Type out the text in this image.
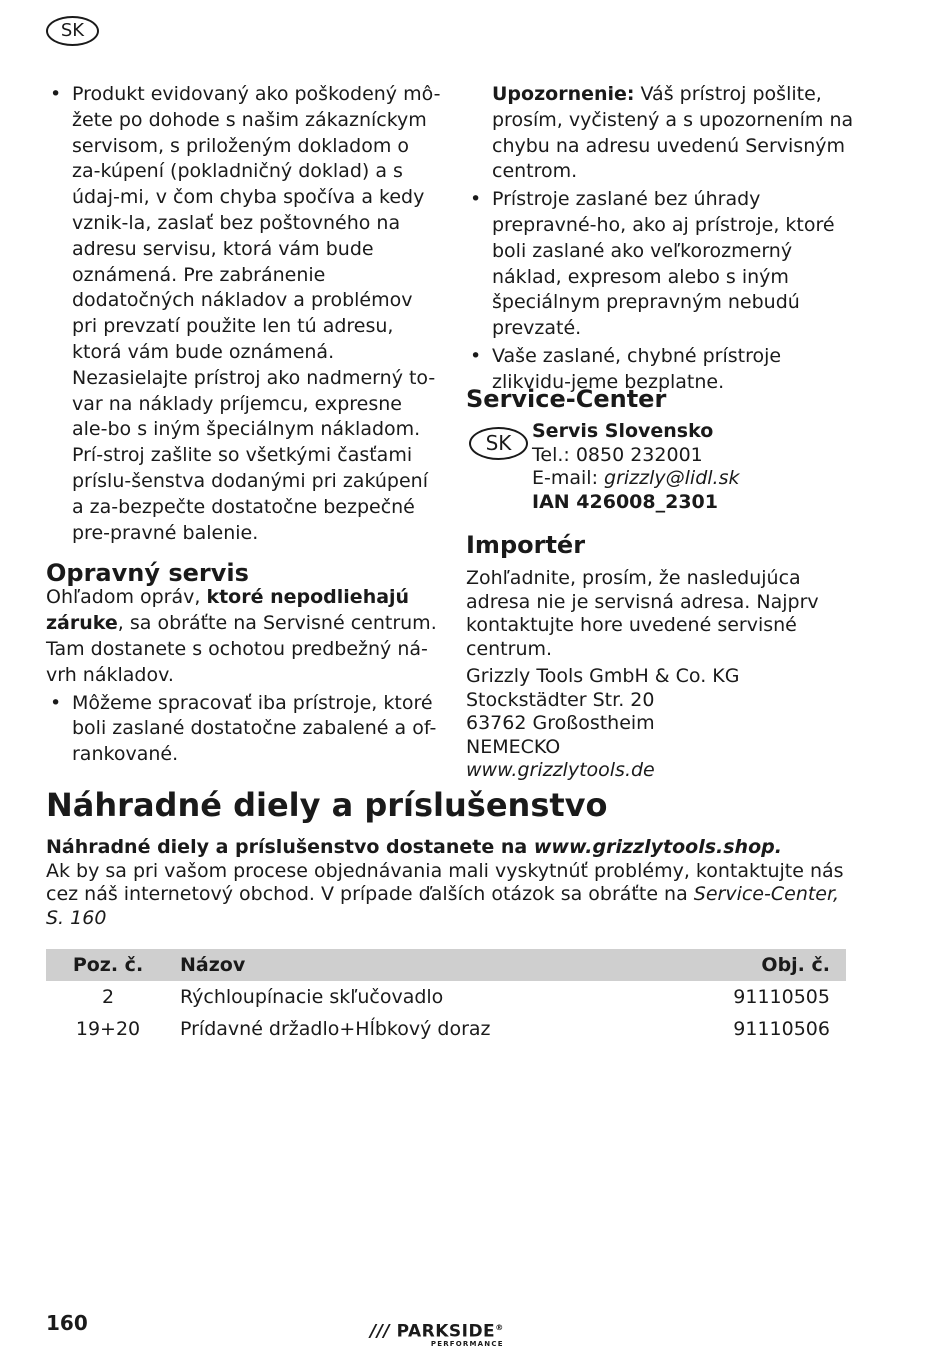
SK
• Produkt evidovaný ako poškodený mô-žete po dohode s našim zákazníckym servisom, s priloženým dokladom o za-kúpení (pokladničný doklad) a s údaj-mi, v čom chyba spočíva a kedy vznik-la, zaslať bez poštovného na adresu servisu, ktorá vám bude oznámená. Pre zabránenie dodatočných nákladov a problémov pri prevzatí použite len tú adresu, ktorá vám bude oznámená. Nezasielajte prístroj ako nadmerný to-var na náklady príjemcu, expresne ale-bo s iným špeciálnym nákladom. Prí-stroj zašlite so všetkými časťami príslu-šenstva dodanými pri zakúpení a za-bezpečte dostatočne bezpečné pre-pravné balenie.
Opravný servis
Ohľadom opráv, ktoré nepodliehajú záruke, sa obráťte na Servisné centrum. Tam dostanete s ochotou predbežný ná-vrh nákladov.
• Môžeme spracovať iba prístroje, ktoré boli zaslané dostatočne zabalené a of-rankované.
Upozornenie: Váš prístroj pošlite, prosím, vyčistený a s upozornením na chybu na adresu uvedenú Servisným centrom.
• Prístroje zaslané bez úhrady prepravné-ho, ako aj prístroje, ktoré boli zaslané ako veľkorozmerný náklad, expresom alebo s iným špeciálnym prepravným nebudú prevzaté.
• Vaše zaslané, chybné prístroje zlikvidu-jeme bezplatne.
Service-Center
SK	Servis Slovensko
Tel.: 0850 232001
E-mail: grizzly@lidl.sk
IAN 426008_2301
Importér
Zohľadnite, prosím, že nasledujúca adresa nie je servisná adresa. Najprv kontaktujte hore uvedené servisné centrum.
Grizzly Tools GmbH & Co. KG
Stockstädter Str. 20
63762 Großostheim
NEMECKO
www.grizzlytools.de
Náhradné diely a príslušenstvo
Náhradné diely a príslušenstvo dostanete na www.grizzlytools.shop.
Ak by sa pri vašom procese objednávania mali vyskytnúť problémy, kontaktujte nás cez náš internetový obchod. V prípade ďalších otázok sa obráťte na Service-Center, S. 160
Poz. č.	Názov	Obj. č.
2	Rýchloupínacie skľučovadlo	91110505
19+20	Prídavné držadlo+Hĺbkový doraz	91110506
160	/// PARKSIDE®
PERFORMANCE
